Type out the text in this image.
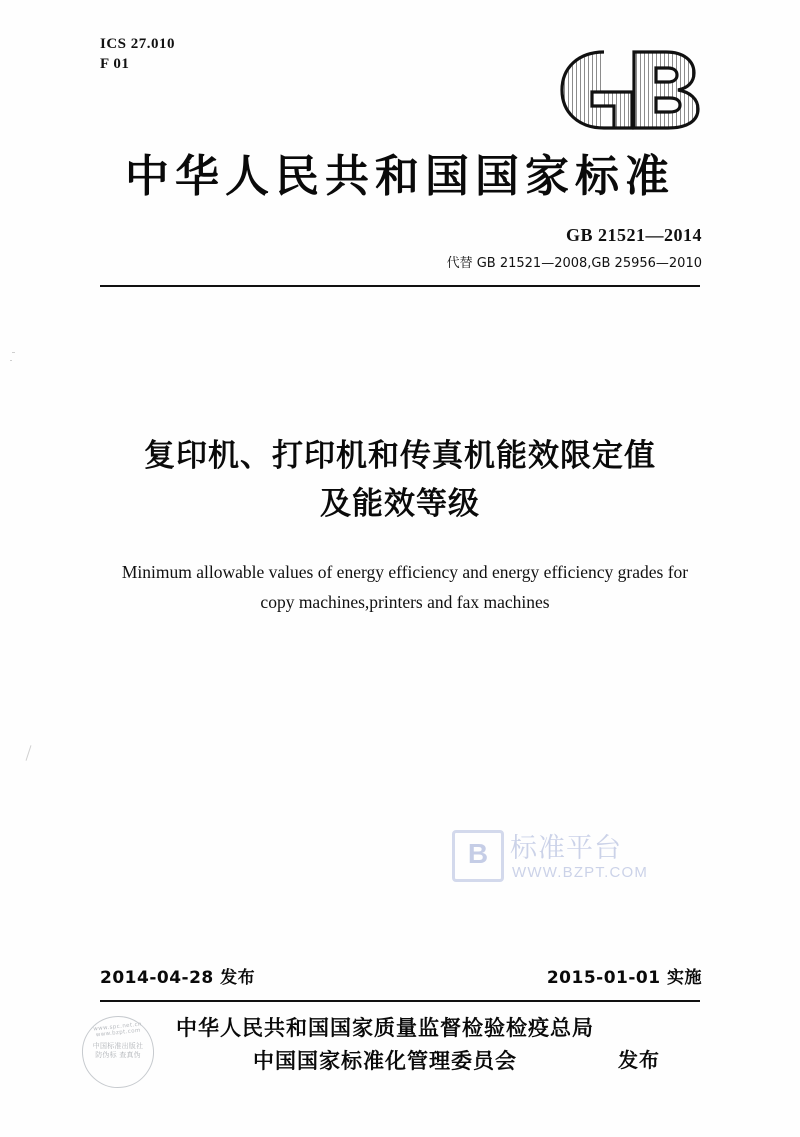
ICS 27.010
F 01
中华人民共和国国家标准
GB 21521—2014
代替 GB 21521—2008,GB 25956—2010
复印机、打印机和传真机能效限定值
及能效等级
Minimum allowable values of energy efficiency and energy efficiency grades for
copy machines,printers and fax machines
B 标准平台
WWW.BZPT.COM
2014-04-28 发布	2015-01-01 实施
中华人民共和国国家质量监督检验检疫总局
中国国家标准化管理委员会	发布
www.spc.net.cn www.bzpt.com
中国标准出版社
防伪标 查真伪
